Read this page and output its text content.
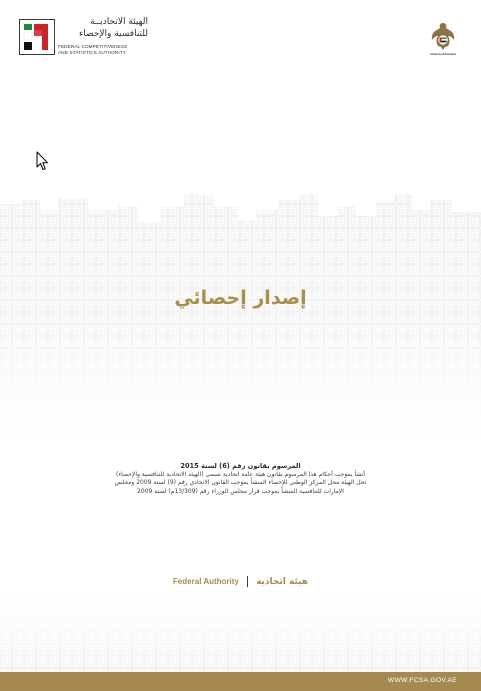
الهيئة الاتحاديــة
للتنافسية والإحصاء
FEDERAL COMPETITIVENESS
AND STATISTICS AUTHORITY	United Arab Emirates
إصدار إحصائي
المرسوم بقانون رقم (6) لسنة 2015
أنشأ بموجب أحكام هذا المرسوم بقانون هيئة عامة اتحادية تسمى (الهيئة الاتحادية للتنافسية والإحصاء)
تحل الهيئة محل المركز الوطني للإحصاء المنشأ بموجب القانون الاتحادي رقم (9) لسنة 2009 ومجلس
الإمارات للتنافسية المنشأ بموجب قرار مجلس الوزراء رقم (13/309م) لسنة 2009
Federal Authority هيئة اتحادية
WWW.FCSA.GOV.AE
